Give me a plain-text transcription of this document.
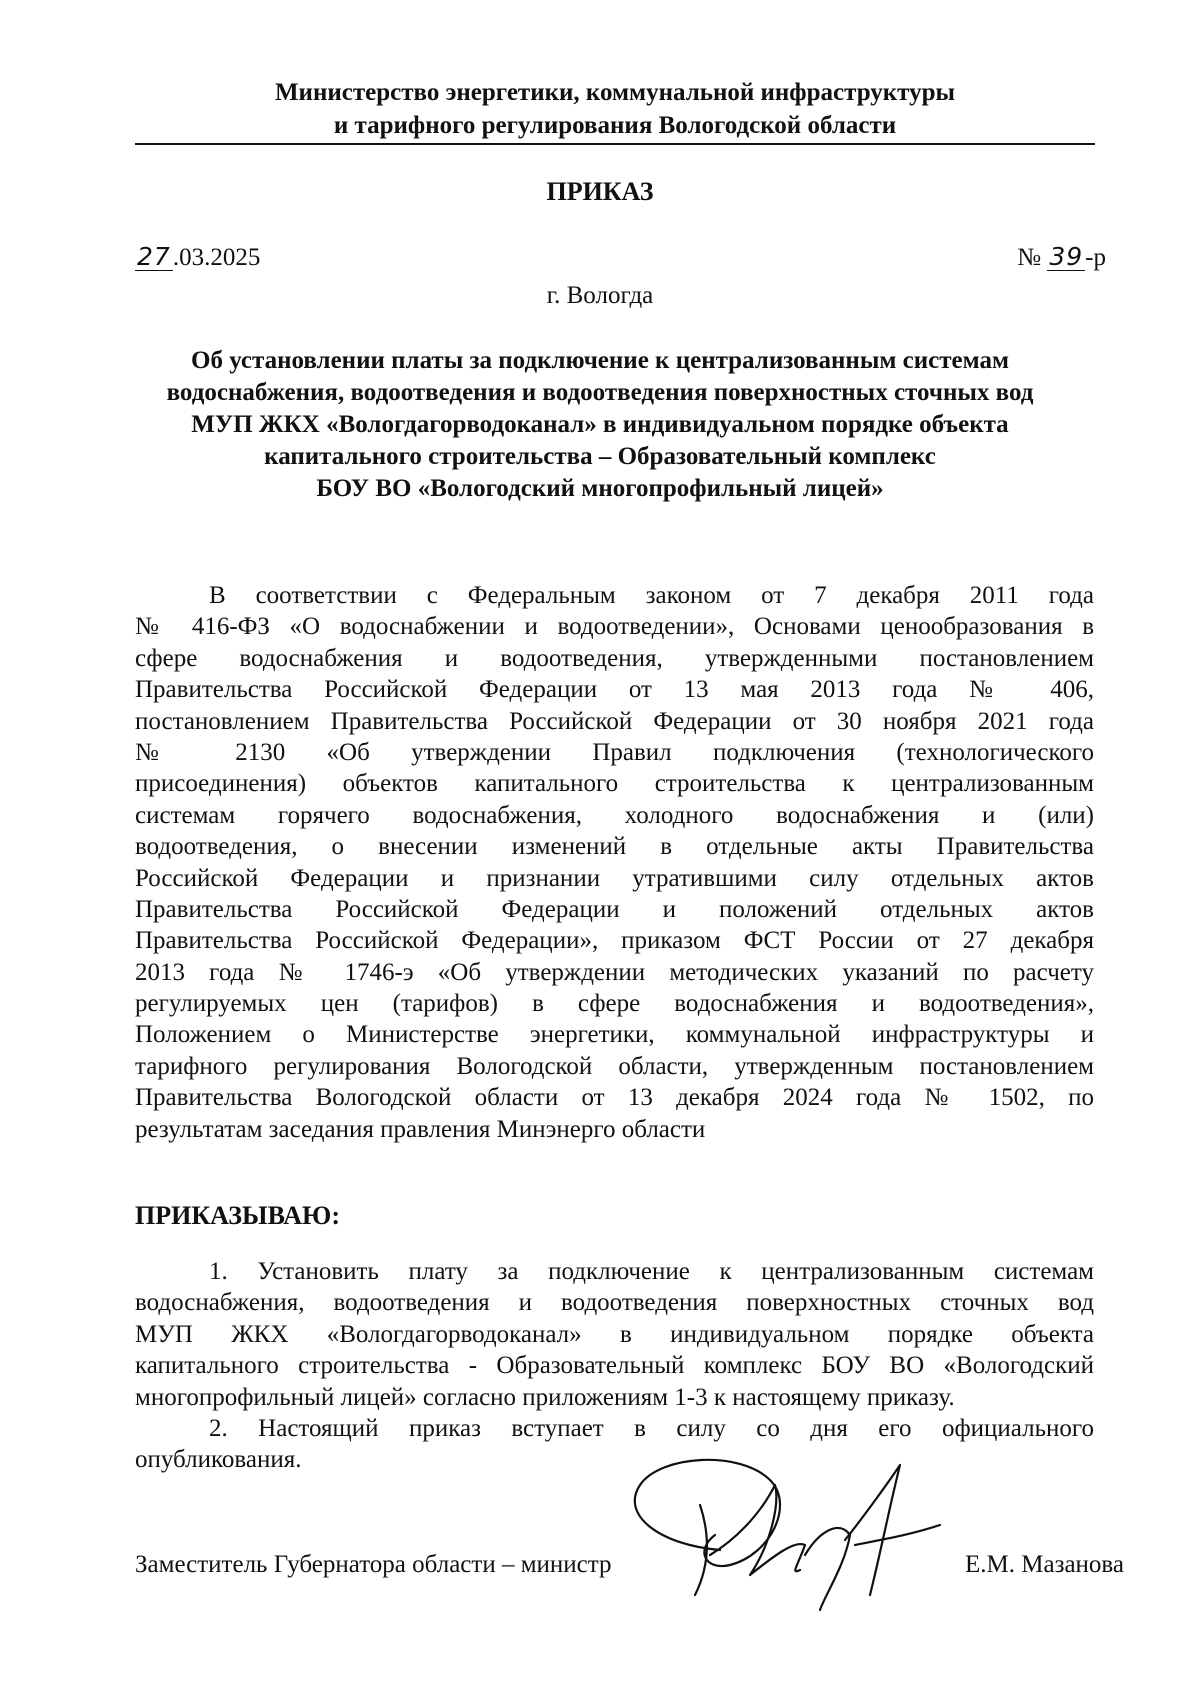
Министерство энергетики, коммунальной инфраструктуры
и тарифного регулирования Вологодской области
ПРИКАЗ
27.03.2025	№ 39-р
г. Вологда
Об установлении платы за подключение к централизованным системам
водоснабжения, водоотведения и водоотведения поверхностных сточных вод
МУП ЖКХ «Вологдагорводоканал» в индивидуальном порядке объекта
капитального строительства – Образовательный комплекс
БОУ ВО «Вологодский многопрофильный лицей»
В соответствии с Федеральным законом от 7 декабря 2011 года
№ 416-ФЗ «О водоснабжении и водоотведении», Основами ценообразования в
сфере водоснабжения и водоотведения, утвержденными постановлением
Правительства Российской Федерации от 13 мая 2013 года № 406,
постановлением Правительства Российской Федерации от 30 ноября 2021 года
№ 2130 «Об утверждении Правил подключения (технологического
присоединения) объектов капитального строительства к централизованным
системам горячего водоснабжения, холодного водоснабжения и (или)
водоотведения, о внесении изменений в отдельные акты Правительства
Российской Федерации и признании утратившими силу отдельных актов
Правительства Российской Федерации и положений отдельных актов
Правительства Российской Федерации», приказом ФСТ России от 27 декабря
2013 года № 1746-э «Об утверждении методических указаний по расчету
регулируемых цен (тарифов) в сфере водоснабжения и водоотведения»,
Положением о Министерстве энергетики, коммунальной инфраструктуры и
тарифного регулирования Вологодской области, утвержденным постановлением
Правительства Вологодской области от 13 декабря 2024 года № 1502, по
результатам заседания правления Минэнерго области
ПРИКАЗЫВАЮ:
1. Установить плату за подключение к централизованным системам
водоснабжения, водоотведения и водоотведения поверхностных сточных вод
МУП ЖКХ «Вологдагорводоканал» в индивидуальном порядке объекта
капитального строительства - Образовательный комплекс БОУ ВО «Вологодский
многопрофильный лицей» согласно приложениям 1-3 к настоящему приказу.
2. Настоящий приказ вступает в силу со дня его официального
опубликования.
Заместитель Губернатора области – министр	Е.М. Мазанова
